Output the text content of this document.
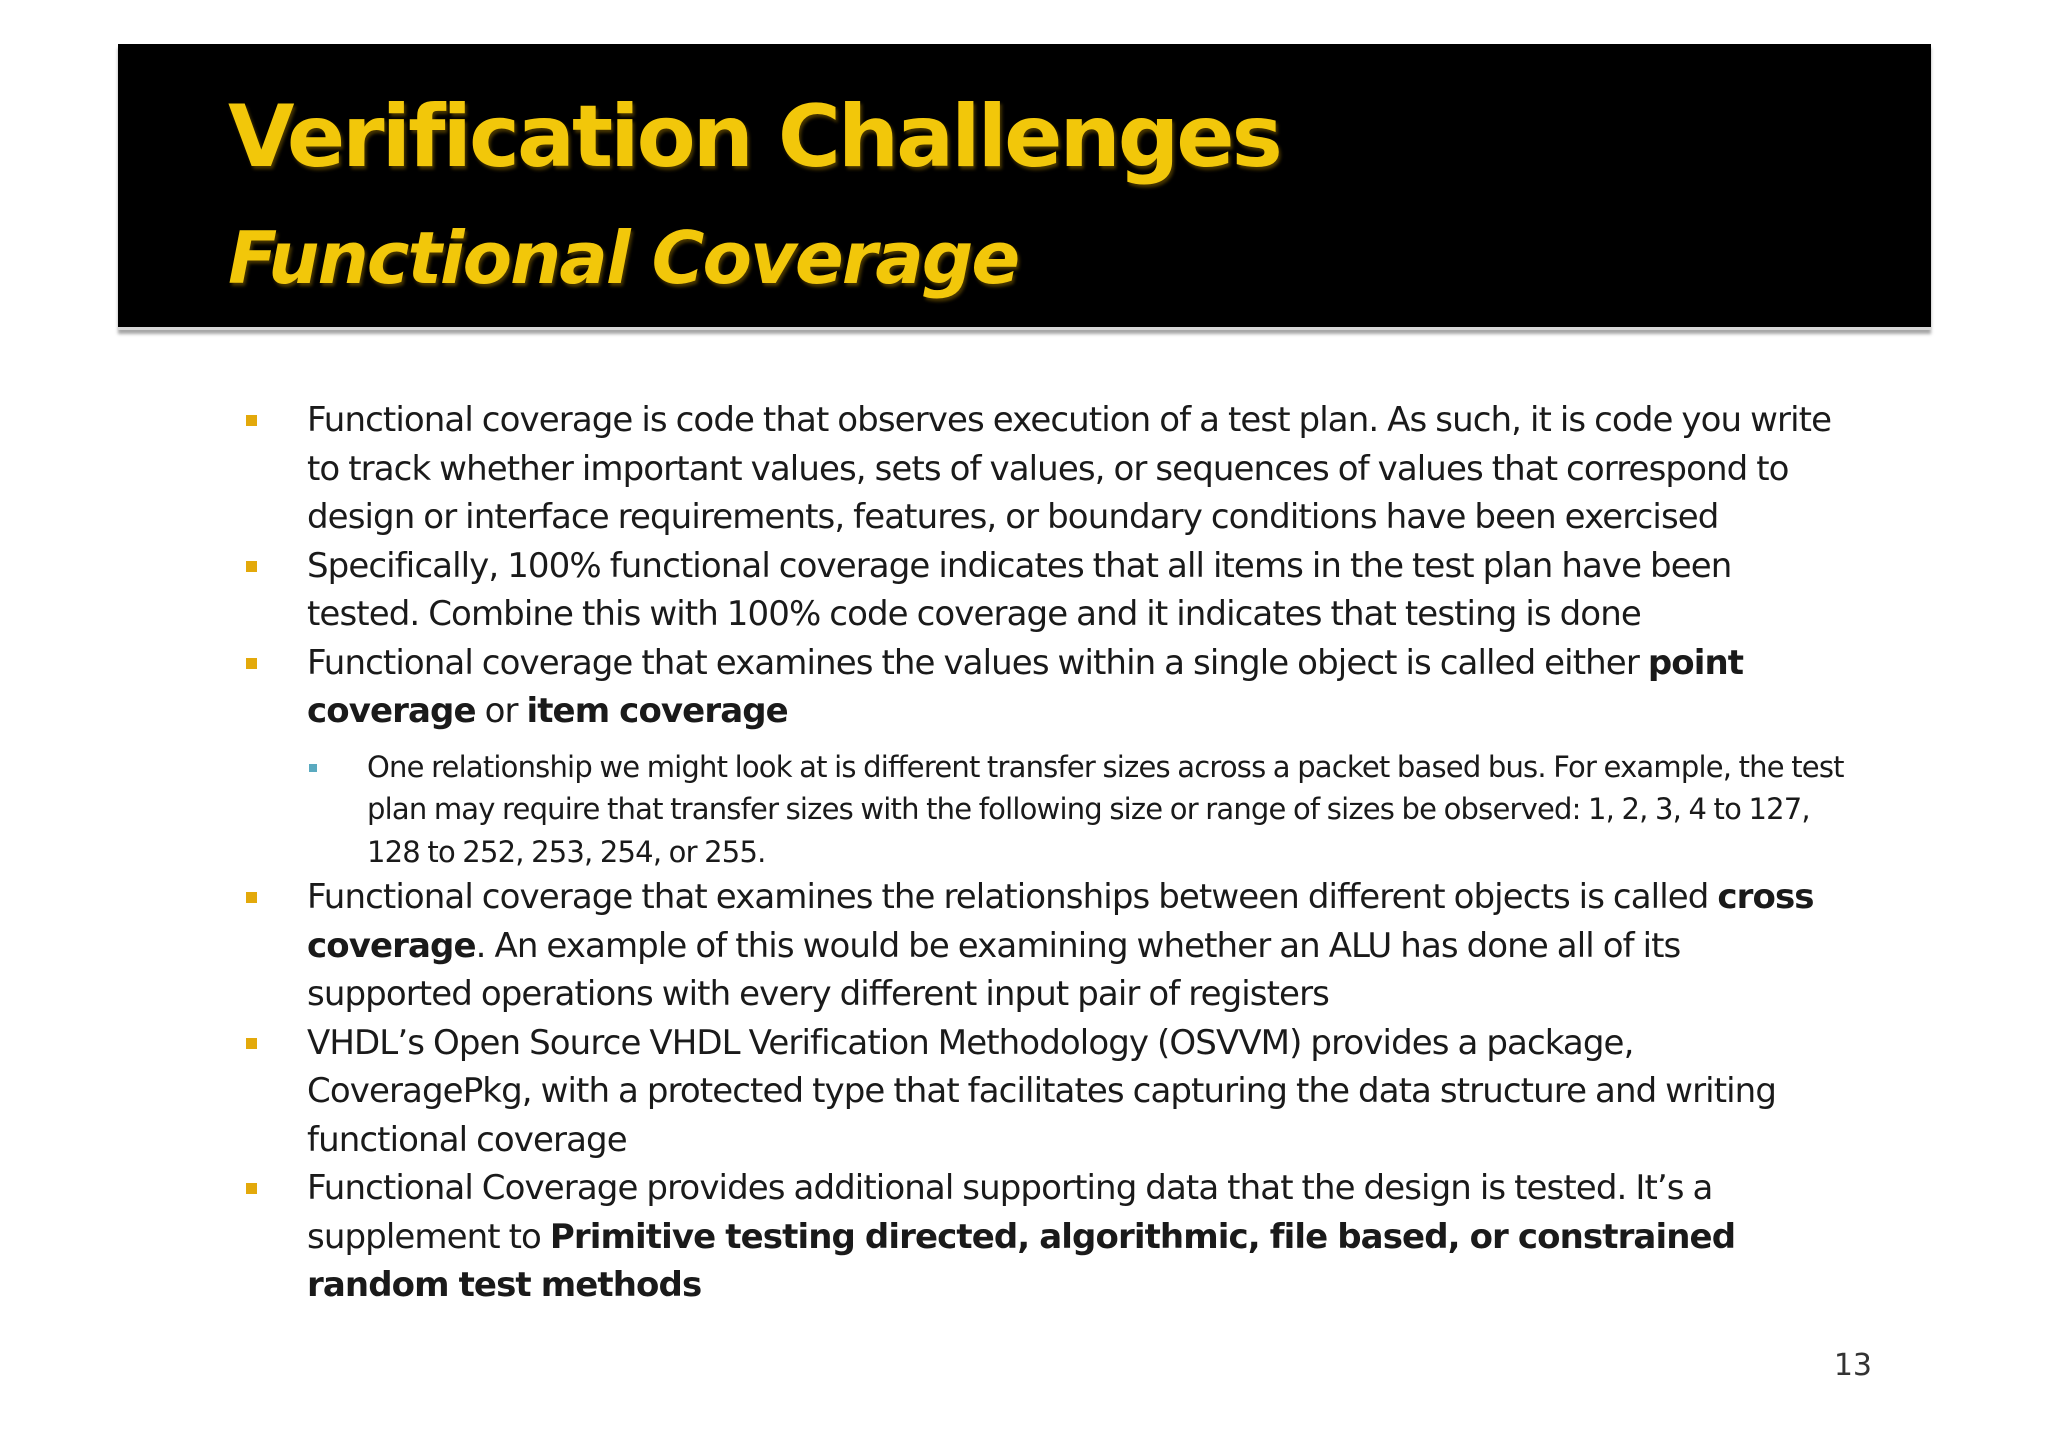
Verification Challenges
Functional Coverage
Functional coverage is code that observes execution of a test plan. As such, it is code you write to track whether important values, sets of values, or sequences of values that correspond to design or interface requirements, features, or boundary conditions have been exercised
Specifically, 100% functional coverage indicates that all items in the test plan have been tested. Combine this with 100% code coverage and it indicates that testing is done
Functional coverage that examines the values within a single object is called either point coverage or item coverage
One relationship we might look at is different transfer sizes across a packet based bus. For example, the test plan may require that transfer sizes with the following size or range of sizes be observed: 1, 2, 3, 4 to 127, 128 to 252, 253, 254, or 255.
Functional coverage that examines the relationships between different objects is called cross coverage. An example of this would be examining whether an ALU has done all of its supported operations with every different input pair of registers
VHDL’s Open Source VHDL Verification Methodology (OSVVM) provides a package, CoveragePkg, with a protected type that facilitates capturing the data structure and writing functional coverage
Functional Coverage provides additional supporting data that the design is tested. It’s a supplement to Primitive testing directed, algorithmic, file based, or constrained random test methods
13
